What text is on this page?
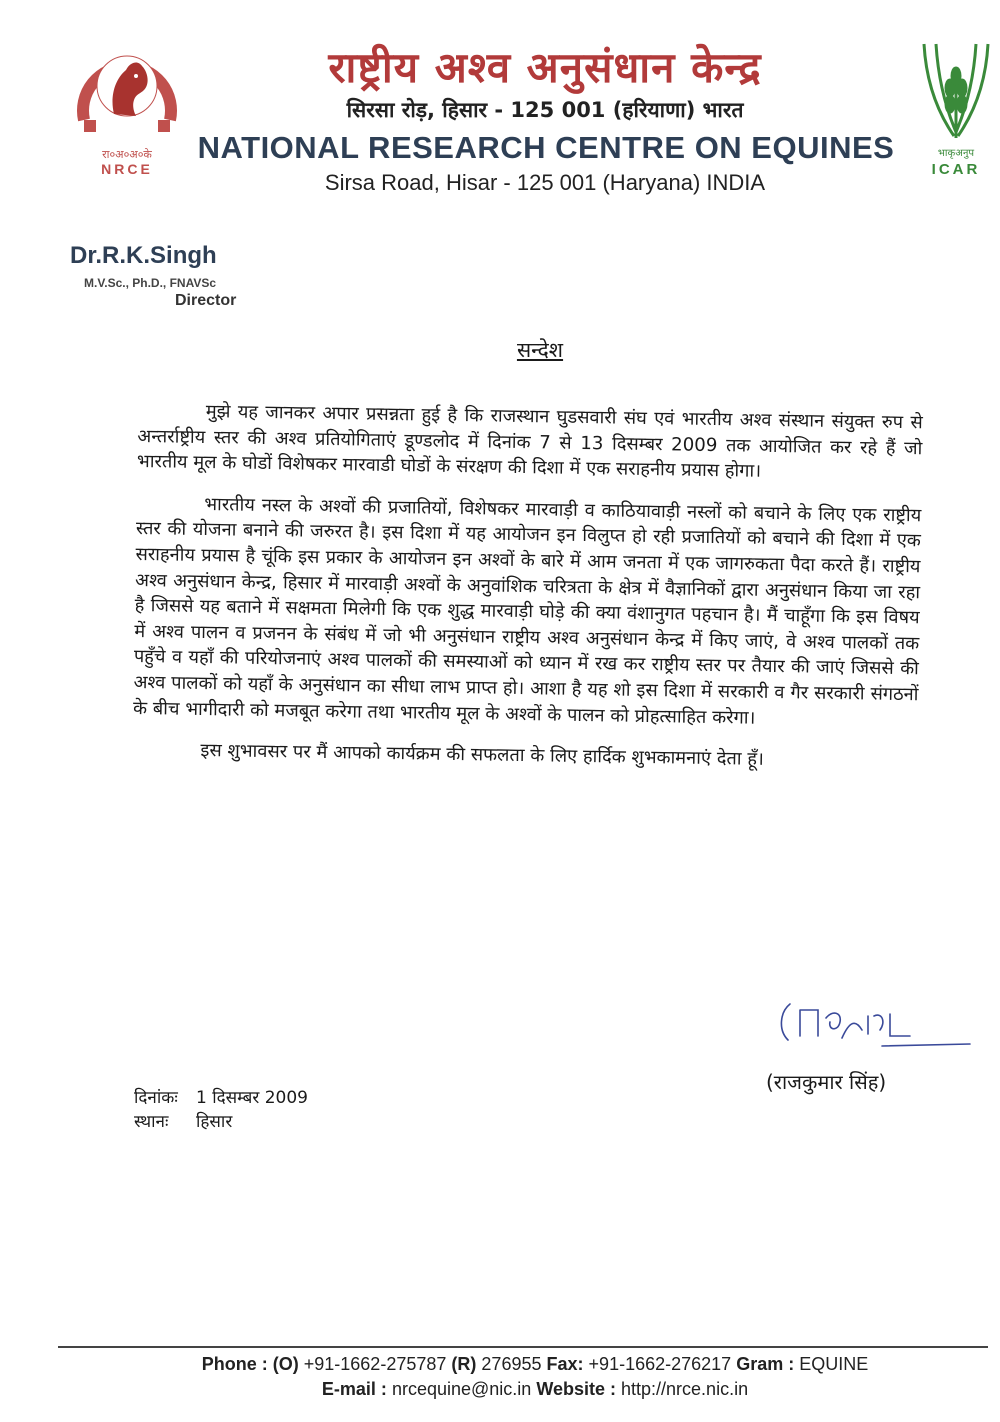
रा०अ०अ०के
NRCE
भाकृअनुप
ICAR
राष्ट्रीय अश्व अनुसंधान केन्द्र
सिरसा रोड़, हिसार - 125 001 (हरियाणा) भारत
NATIONAL RESEARCH CENTRE ON EQUINES
Sirsa Road, Hisar - 125 001 (Haryana) INDIA
Dr.R.K.Singh
M.V.Sc., Ph.D., FNAVSc
Director
सन्देश

मुझे यह जानकर अपार प्रसन्नता हुई है कि राजस्थान घुडसवारी संघ एवं भारतीय अश्व संस्थान संयुक्त रुप से अन्तर्राष्ट्रीय स्तर की अश्व प्रतियोगिताएं डूण्डलोद में दिनांक 7 से 13 दिसम्बर 2009 तक आयोजित कर रहे हैं जो भारतीय मूल के घोडों विशेषकर मारवाडी घोडों के संरक्षण की दिशा में एक सराहनीय प्रयास होगा।

भारतीय नस्ल के अश्वों की प्रजातियों, विशेषकर मारवाड़ी व काठियावाड़ी नस्लों को बचाने के लिए एक राष्ट्रीय स्तर की योजना बनाने की जरुरत है। इस दिशा में यह आयोजन इन विलुप्त हो रही प्रजातियों को बचाने की दिशा में एक सराहनीय प्रयास है चूंकि इस प्रकार के आयोजन इन अश्वों के बारे में आम जनता में एक जागरुकता पैदा करते हैं। राष्ट्रीय अश्व अनुसंधान केन्द्र, हिसार में मारवाड़ी अश्वों के अनुवांशिक चरित्रता के क्षेत्र में वैज्ञानिकों द्वारा अनुसंधान किया जा रहा है जिससे यह बताने में सक्षमता मिलेगी कि एक शुद्ध मारवाड़ी घोड़े की क्या वंशानुगत पहचान है। मैं चाहूँगा कि इस विषय में अश्व पालन व प्रजनन के संबंध में जो भी अनुसंधान राष्ट्रीय अश्व अनुसंधान केन्द्र में किए जाएं, वे अश्व पालकों तक पहुँचे व यहाँ की परियोजनाएं अश्व पालकों की समस्याओं को ध्यान में रख कर राष्ट्रीय स्तर पर तैयार की जाएं जिससे की अश्व पालकों को यहॉं के अनुसंधान का सीधा लाभ प्राप्त हो। आशा है यह शो इस दिशा में सरकारी व गैर सरकारी संगठनों के बीच भागीदारी को मजबूत करेगा तथा भारतीय मूल के अश्वों के पालन को प्रोहत्साहित करेगा।

इस शुभावसर पर मैं आपको कार्यक्रम की सफलता के लिए हार्दिक शुभकामनाएं देता हूँ।

(राजकुमार सिंह)
दिनांकः 1 दिसम्बर 2009
स्थानः हिसार
Phone : (O) +91-1662-275787 (R) 276955 Fax: +91-1662-276217 Gram : EQUINE
E-mail : nrcequine@nic.in Website : http://nrce.nic.in
